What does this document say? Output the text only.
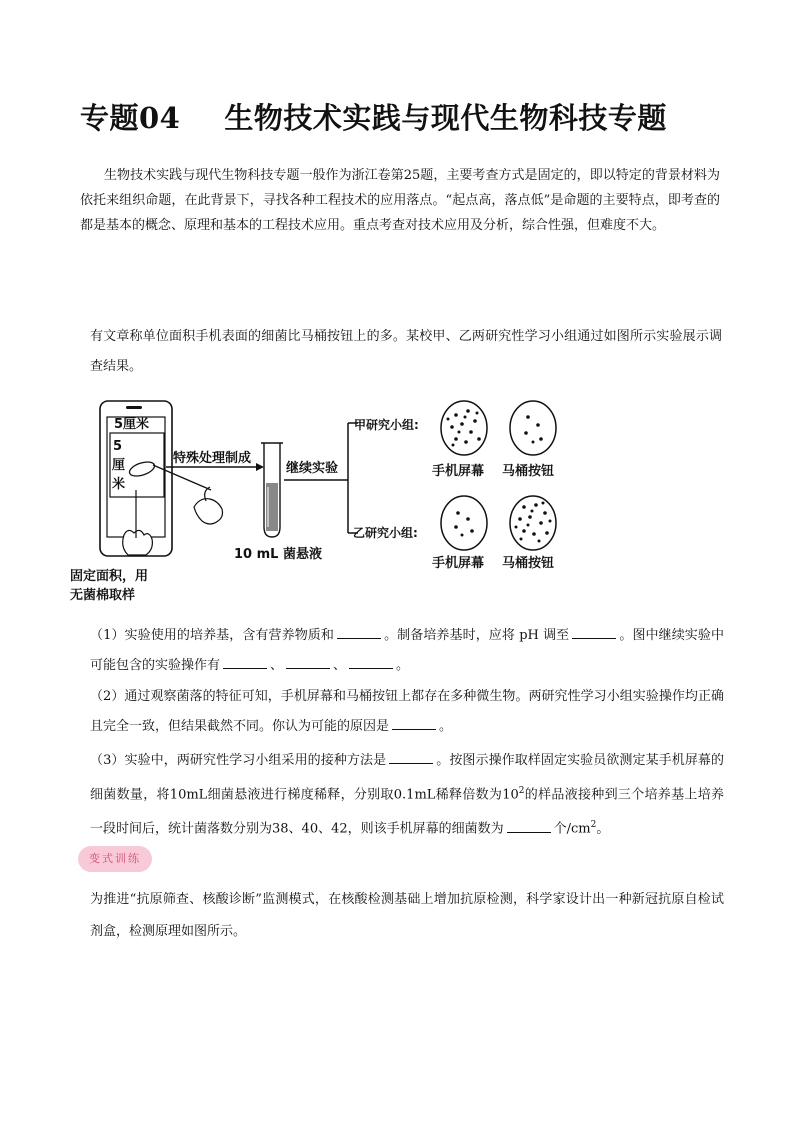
专题04 生物技术实践与现代生物科技专题
生物技术实践与现代生物科技专题一般作为浙江卷第25题，主要考查方式是固定的，即以特定的背景材料为依托来组织命题，在此背景下，寻找各种工程技术的应用落点。“起点高，落点低”是命题的主要特点，即考查的都是基本的概念、原理和基本的工程技术应用。重点考查对技术应用及分析，综合性强，但难度不大。
有文章称单位面积手机表面的细菌比马桶按钮上的多。某校甲、乙两研究性学习小组通过如图所示实验展示调查结果。
5厘米
5
厘
米
特殊处理制成
10 mL 菌悬液
继续实验
甲研究小组:
乙研究小组:
手机屏幕 马桶按钮
手机屏幕 马桶按钮
固定面积，用
无菌棉取样
（1）实验使用的培养基，含有营养物质和	。制备培养基时，应将 pH 调至	。图中继续实验中可能包含的实验操作有	、	、	。
（2）通过观察菌落的特征可知，手机屏幕和马桶按钮上都存在多种微生物。两研究性学习小组实验操作均正确且完全一致，但结果截然不同。你认为可能的原因是	。
（3）实验中，两研究性学习小组采用的接种方法是	。按图示操作取样固定实验员欲测定某手机屏幕的细菌数量，将10mL细菌悬液进行梯度稀释，分别取0.1mL稀释倍数为$10^2$的样品液接种到三个培养基上培养一段时间后，统计菌落数分别为38、40、42，则该手机屏幕的细菌数为	个$/cm^2$。
变式训练
为推进“抗原筛查、核酸诊断”监测模式，在核酸检测基础上增加抗原检测，科学家设计出一种新冠抗原自检试剂盒，检测原理如图所示。
